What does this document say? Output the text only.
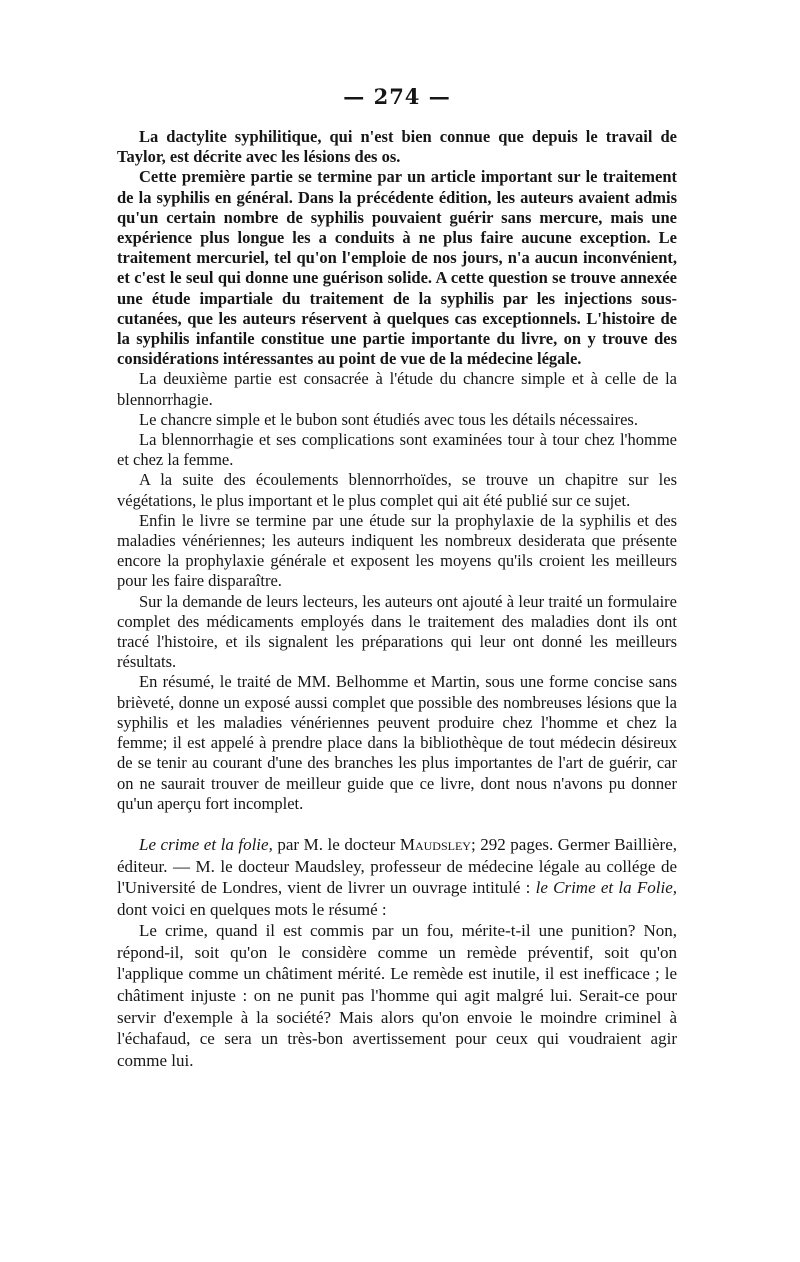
— 274 —

La dactylite syphilitique, qui n'est bien connue que depuis le travail de Taylor, est décrite avec les lésions des os.

Cette première partie se termine par un article important sur le traitement de la syphilis en général. Dans la précédente édition, les auteurs avaient admis qu'un certain nombre de syphilis pouvaient guérir sans mercure, mais une expérience plus longue les a conduits à ne plus faire aucune exception. Le traitement mercuriel, tel qu'on l'emploie de nos jours, n'a aucun inconvénient, et c'est le seul qui donne une guérison solide. A cette question se trouve annexée une étude impartiale du traitement de la syphilis par les injections sous-cutanées, que les auteurs réservent à quelques cas exceptionnels. L'histoire de la syphilis infantile constitue une partie importante du livre, on y trouve des considérations intéressantes au point de vue de la médecine légale.

La deuxième partie est consacrée à l'étude du chancre simple et à celle de la blennorrhagie.

Le chancre simple et le bubon sont étudiés avec tous les détails nécessaires.

La blennorrhagie et ses complications sont examinées tour à tour chez l'homme et chez la femme.

A la suite des écoulements blennorrhoïdes, se trouve un chapitre sur les végétations, le plus important et le plus complet qui ait été publié sur ce sujet.

Enfin le livre se termine par une étude sur la prophylaxie de la syphilis et des maladies vénériennes; les auteurs indiquent les nombreux desiderata que présente encore la prophylaxie générale et exposent les moyens qu'ils croient les meilleurs pour les faire disparaître.

Sur la demande de leurs lecteurs, les auteurs ont ajouté à leur traité un formulaire complet des médicaments employés dans le traitement des maladies dont ils ont tracé l'histoire, et ils signalent les préparations qui leur ont donné les meilleurs résultats.

En résumé, le traité de MM. Belhomme et Martin, sous une forme concise sans brièveté, donne un exposé aussi complet que possible des nombreuses lésions que la syphilis et les maladies vénériennes peuvent produire chez l'homme et chez la femme; il est appelé à prendre place dans la bibliothèque de tout médecin désireux de se tenir au courant d'une des branches les plus importantes de l'art de guérir, car on ne saurait trouver de meilleur guide que ce livre, dont nous n'avons pu donner qu'un aperçu fort incomplet.

Le crime et la folie, par M. le docteur Maudsley; 292 pages. Germer Baillière, éditeur. — M. le docteur Maudsley, professeur de médecine légale au collége de l'Université de Londres, vient de livrer un ouvrage intitulé : le Crime et la Folie, dont voici en quelques mots le résumé :

Le crime, quand il est commis par un fou, mérite-t-il une punition? Non, répond-il, soit qu'on le considère comme un remède préventif, soit qu'on l'applique comme un châtiment mérité. Le remède est inutile, il est inefficace ; le châtiment injuste : on ne punit pas l'homme qui agit malgré lui. Serait-ce pour servir d'exemple à la société? Mais alors qu'on envoie le moindre criminel à l'échafaud, ce sera un très-bon avertissement pour ceux qui voudraient agir comme lui.
